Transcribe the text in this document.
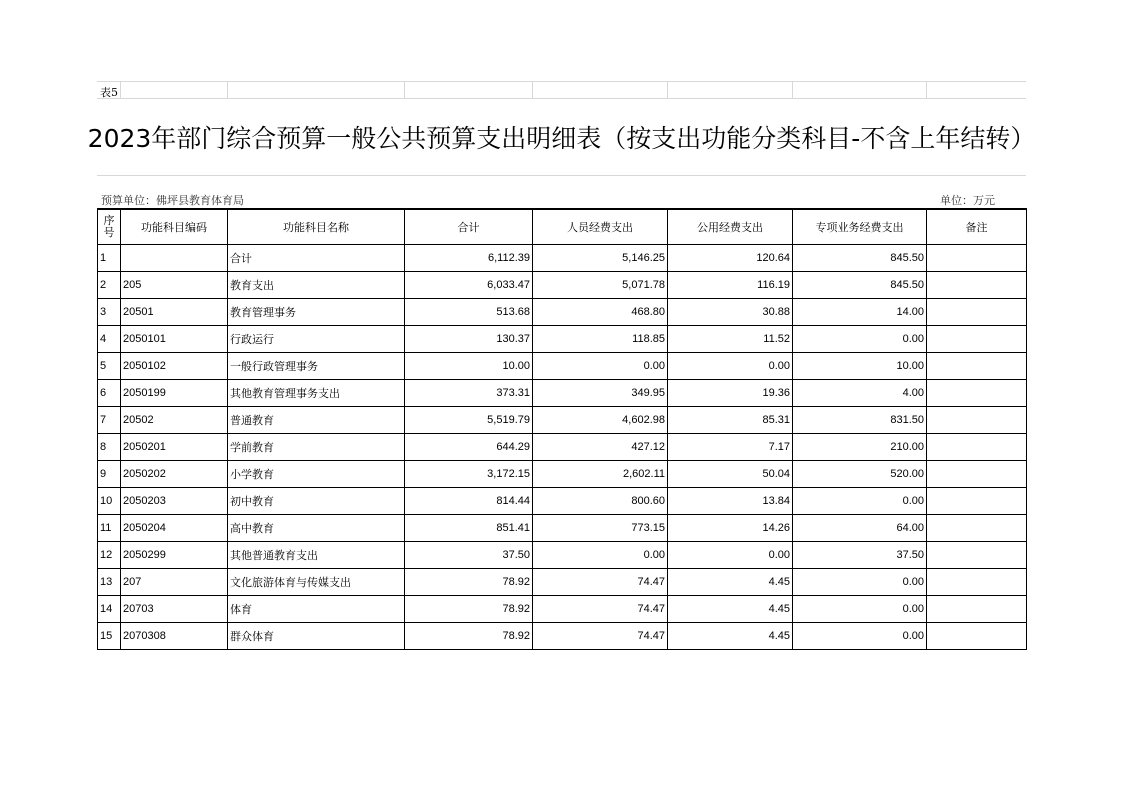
表5
2023年部门综合预算一般公共预算支出明细表（按支出功能分类科目-不含上年结转）
预算单位：佛坪县教育体育局	单位：万元
序号	功能科目编码	功能科目名称	合计	人员经费支出	公用经费支出	专项业务经费支出	备注
1		合计	6,112.39	5,146.25	120.64	845.50	
2	205	教育支出	6,033.47	5,071.78	116.19	845.50	
3	20501	教育管理事务	513.68	468.80	30.88	14.00	
4	2050101	行政运行	130.37	118.85	11.52	0.00	
5	2050102	一般行政管理事务	10.00	0.00	0.00	10.00	
6	2050199	其他教育管理事务支出	373.31	349.95	19.36	4.00	
7	20502	普通教育	5,519.79	4,602.98	85.31	831.50	
8	2050201	学前教育	644.29	427.12	7.17	210.00	
9	2050202	小学教育	3,172.15	2,602.11	50.04	520.00	
10	2050203	初中教育	814.44	800.60	13.84	0.00	
11	2050204	高中教育	851.41	773.15	14.26	64.00	
12	2050299	其他普通教育支出	37.50	0.00	0.00	37.50	
13	207	文化旅游体育与传媒支出	78.92	74.47	4.45	0.00	
14	20703	体育	78.92	74.47	4.45	0.00	
15	2070308	群众体育	78.92	74.47	4.45	0.00	
